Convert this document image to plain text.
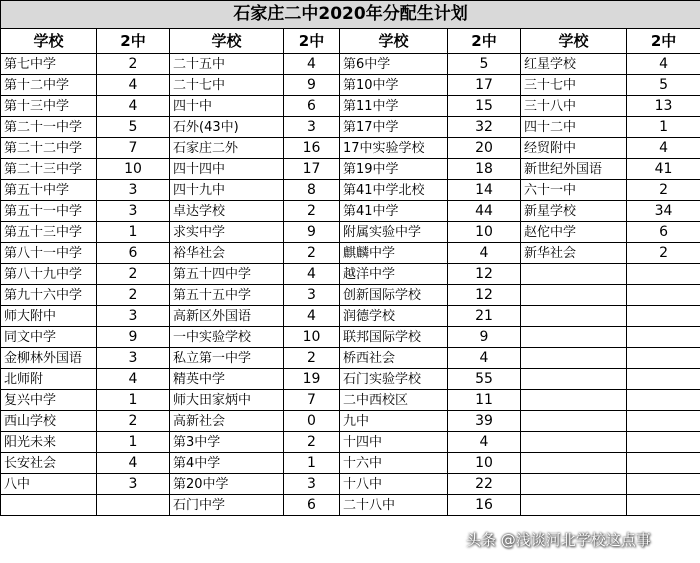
石家庄二中2020年分配生计划							
学校	2中	学校	2中	学校	2中	学校	2中
第七中学	2	二十五中	4	第6中学	5	红星学校	4
第十二中学	4	二十七中	9	第10中学	17	三十七中	5
第十三中学	4	四十中	6	第11中学	15	三十八中	13
第二十一中学	5	石外(43中)	3	第17中学	32	四十二中	1
第二十二中学	7	石家庄二外	16	17中实验学校	20	经贸附中	4
第二十三中学	10	四十四中	17	第19中学	18	新世纪外国语	41
第五十中学	3	四十九中	8	第41中学北校	14	六十一中	2
第五十一中学	3	卓达学校	2	第41中学	44	新星学校	34
第五十三中学	1	求实中学	9	附属实验中学	10	赵佗中学	6
第八十一中学	6	裕华社会	2	麒麟中学	4	新华社会	2
第八十九中学	2	第五十四中学	4	越洋中学	12		
第九十六中学	2	第五十五中学	3	创新国际学校	12		
师大附中	3	高新区外国语	4	润德学校	21		
同文中学	9	一中实验学校	10	联邦国际学校	9		
金柳林外国语	3	私立第一中学	2	桥西社会	4		
北师附	4	精英中学	19	石门实验学校	55		
复兴中学	1	师大田家炳中	7	二中西校区	11		
西山学校	2	高新社会	0	九中	39		
阳光未来	1	第3中学	2	十四中	4		
长安社会	4	第4中学	1	十六中	10		
八中	3	第20中学	3	十八中	22		
		石门中学	6	二十八中	16		
头条 @浅谈河北学校这点事
